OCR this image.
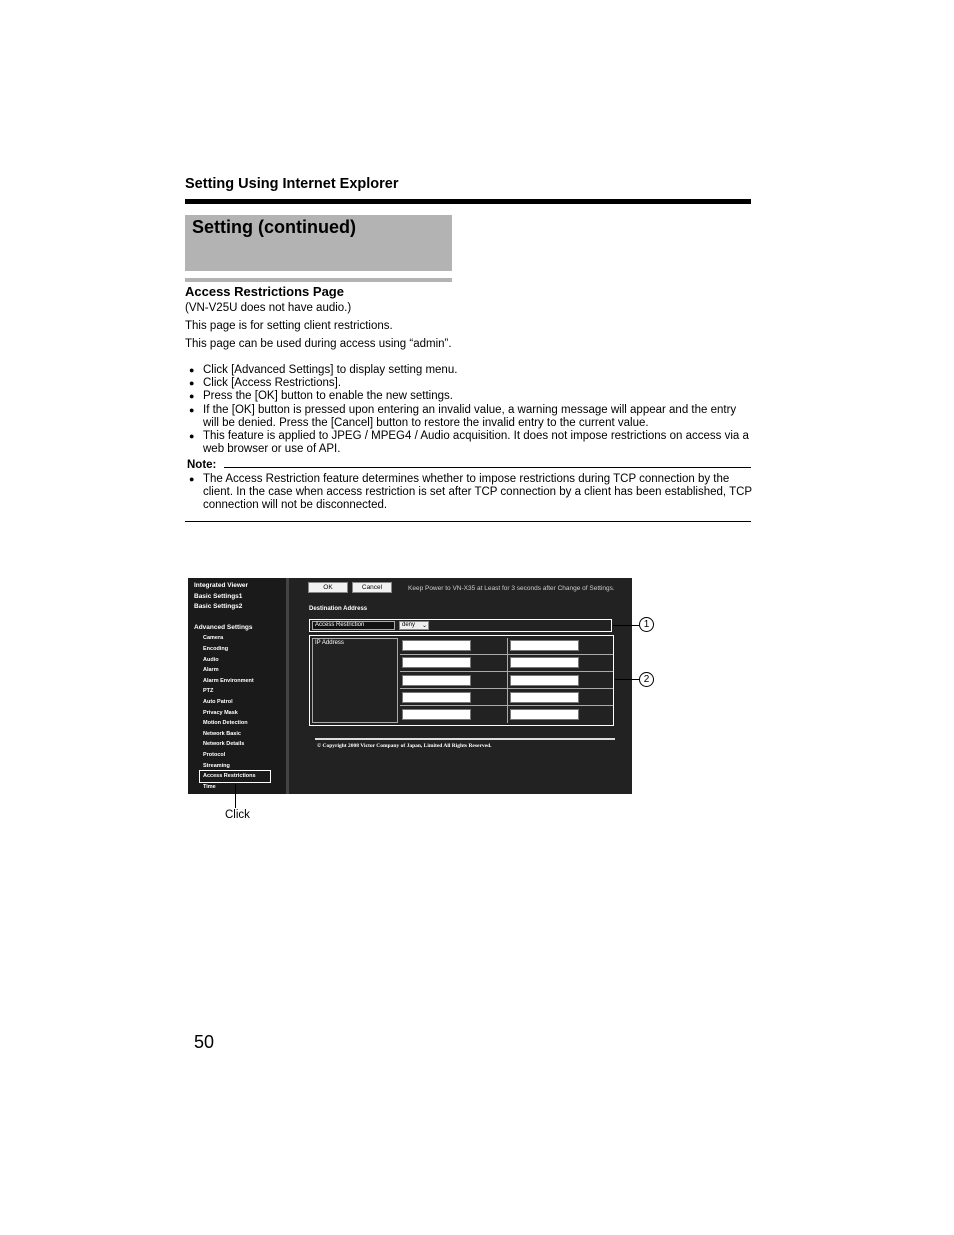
Setting Using Internet Explorer
Setting (continued)
Access Restrictions Page
(VN-V25U does not have audio.)
This page is for setting client restrictions.
This page can be used during access using “admin”.
● Click [Advanced Settings] to display setting menu.
● Click [Access Restrictions].
● Press the [OK] button to enable the new settings.
● If the [OK] button is pressed upon entering an invalid value, a warning message will appear and the entry will be denied. Press the [Cancel] button to restore the invalid entry to the current value.
● This feature is applied to JPEG / MPEG4 / Audio acquisition. It does not impose restrictions on access via a web browser or use of API.
Note:
● The Access Restriction feature determines whether to impose restrictions during TCP connection by the client. In the case when access restriction is set after TCP connection by a client has been established, TCP connection will not be disconnected.
Integrated Viewer
Basic Settings1
Basic Settings2
Advanced Settings
Camera
Encoding
Audio
Alarm
Alarm Environment
PTZ
Auto Patrol
Privacy Mask
Motion Detection
Network Basic
Network Details
Protocol
Streaming
Access Restrictions
Time
OK	Cancel	Keep Power to VN-X35 at Least for 3 seconds after Change of Settings.
Destination Address
Access Restriction	deny ⌄
IP Address
© Copyright 2008 Victor Company of Japan, Limited All Rights Reserved.
1
2
Click
50
